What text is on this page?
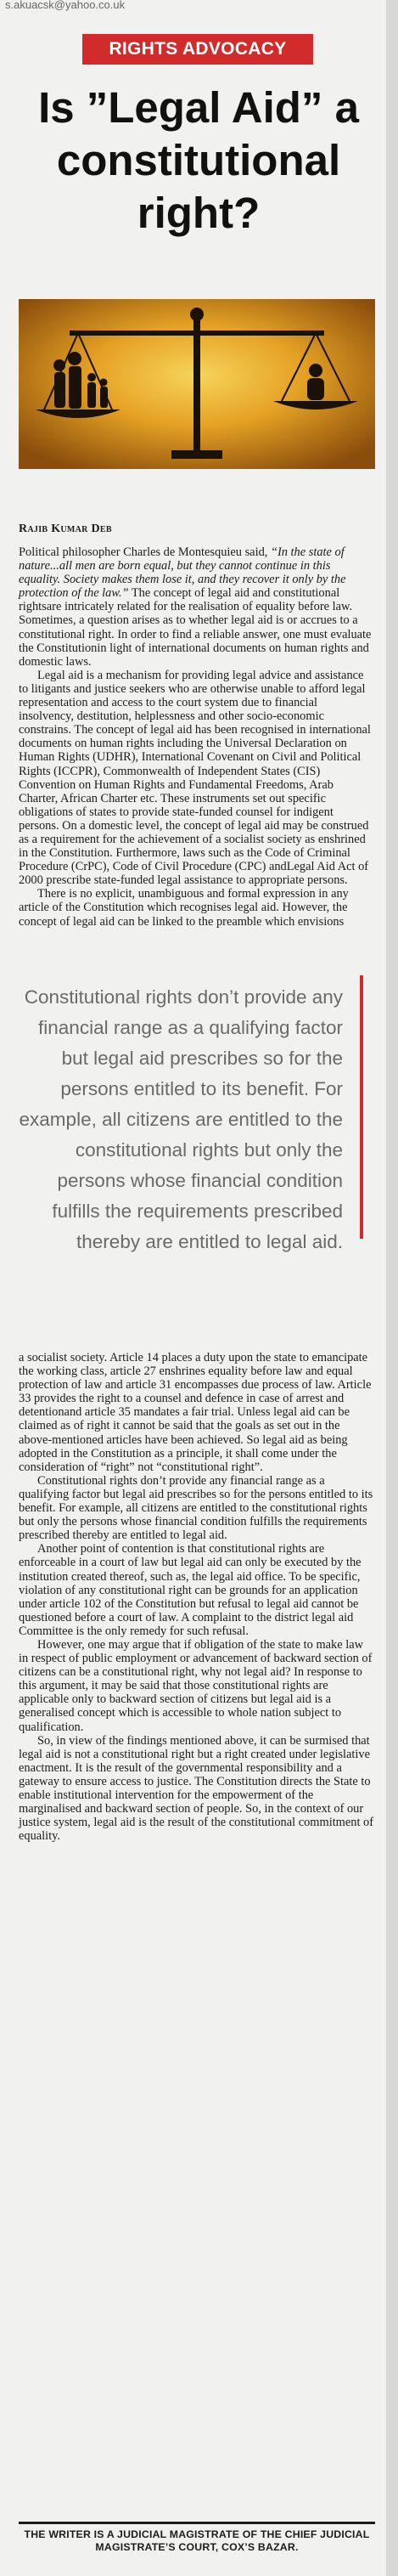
s.akuacsk@yahoo.co.uk
RIGHTS ADVOCACY
Is ”Legal Aid” a constitutional right?
Rajib Kumar Deb

Political philosopher Charles de Montesquieu said, “In the state of nature...all men are born equal, but they cannot continue in this equality. Society makes them lose it, and they recover it only by the protection of the law.” The concept of legal aid and constitutional rightsare intricately related for the realisation of equality before law. Sometimes, a question arises as to whether legal aid is or accrues to a constitutional right. In order to find a reliable answer, one must evaluate the Constitutionin light of international documents on human rights and domestic laws.

Legal aid is a mechanism for providing legal advice and assistance to litigants and justice seekers who are otherwise unable to afford legal representation and access to the court system due to financial insolvency, destitution, helplessness and other socio-economic constrains. The concept of legal aid has been recognised in international documents on human rights including the Universal Declaration on Human Rights (UDHR), International Covenant on Civil and Political Rights (ICCPR), Commonwealth of Independent States (CIS) Convention on Human Rights and Fundamental Freedoms, Arab Charter, African Charter etc. These instruments set out specific obligations of states to provide state-funded counsel for indigent persons. On a domestic level, the concept of legal aid may be construed as a requirement for the achievement of a socialist society as enshrined in the Constitution. Furthermore, laws such as the Code of Criminal Procedure (CrPC), Code of Civil Procedure (CPC) andLegal Aid Act of 2000 prescribe state-funded legal assistance to appropriate persons.

There is no explicit, unambiguous and formal expression in any article of the Constitution which recognises legal aid. However, the concept of legal aid can be linked to the preamble which envisions

Constitutional rights don’t provide any financial range as a qualifying factor but legal aid prescribes so for the persons entitled to its benefit. For example, all citizens are entitled to the constitutional rights but only the persons whose financial condition fulfills the requirements prescribed thereby are entitled to legal aid.

a socialist society. Article 14 places a duty upon the state to emancipate the working class, article 27 enshrines equality before law and equal protection of law and article 31 encompasses due process of law. Article 33 provides the right to a counsel and defence in case of arrest and detentionand article 35 mandates a fair trial. Unless legal aid can be claimed as of right it cannot be said that the goals as set out in the above-mentioned articles have been achieved. So legal aid as being adopted in the Constitution as a principle, it shall come under the consideration of “right” not “constitutional right”.

Constitutional rights don’t provide any financial range as a qualifying factor but legal aid prescribes so for the persons entitled to its benefit. For example, all citizens are entitled to the constitutional rights but only the persons whose financial condition fulfills the requirements prescribed thereby are entitled to legal aid.

Another point of contention is that constitutional rights are enforceable in a court of law but legal aid can only be executed by the institution created thereof, such as, the legal aid office. To be specific, violation of any constitutional right can be grounds for an application under article 102 of the Constitution but refusal to legal aid cannot be questioned before a court of law. A complaint to the district legal aid Committee is the only remedy for such refusal.

However, one may argue that if obligation of the state to make law in respect of public employment or advancement of backward section of citizens can be a constitutional right, why not legal aid? In response to this argument, it may be said that those constitutional rights are applicable only to backward section of citizens but legal aid is a generalised concept which is accessible to whole nation subject to qualification.

So, in view of the findings mentioned above, it can be surmised that legal aid is not a constitutional right but a right created under legislative enactment. It is the result of the governmental responsibility and a gateway to ensure access to justice. The Constitution directs the State to enable institutional intervention for the empowerment of the marginalised and backward section of people. So, in the context of our justice system, legal aid is the result of the constitutional commitment of equality.

THE WRITER IS A JUDICIAL MAGISTRATE OF THE CHIEF JUDICIAL MAGISTRATE’S COURT, COX’S BAZAR.
